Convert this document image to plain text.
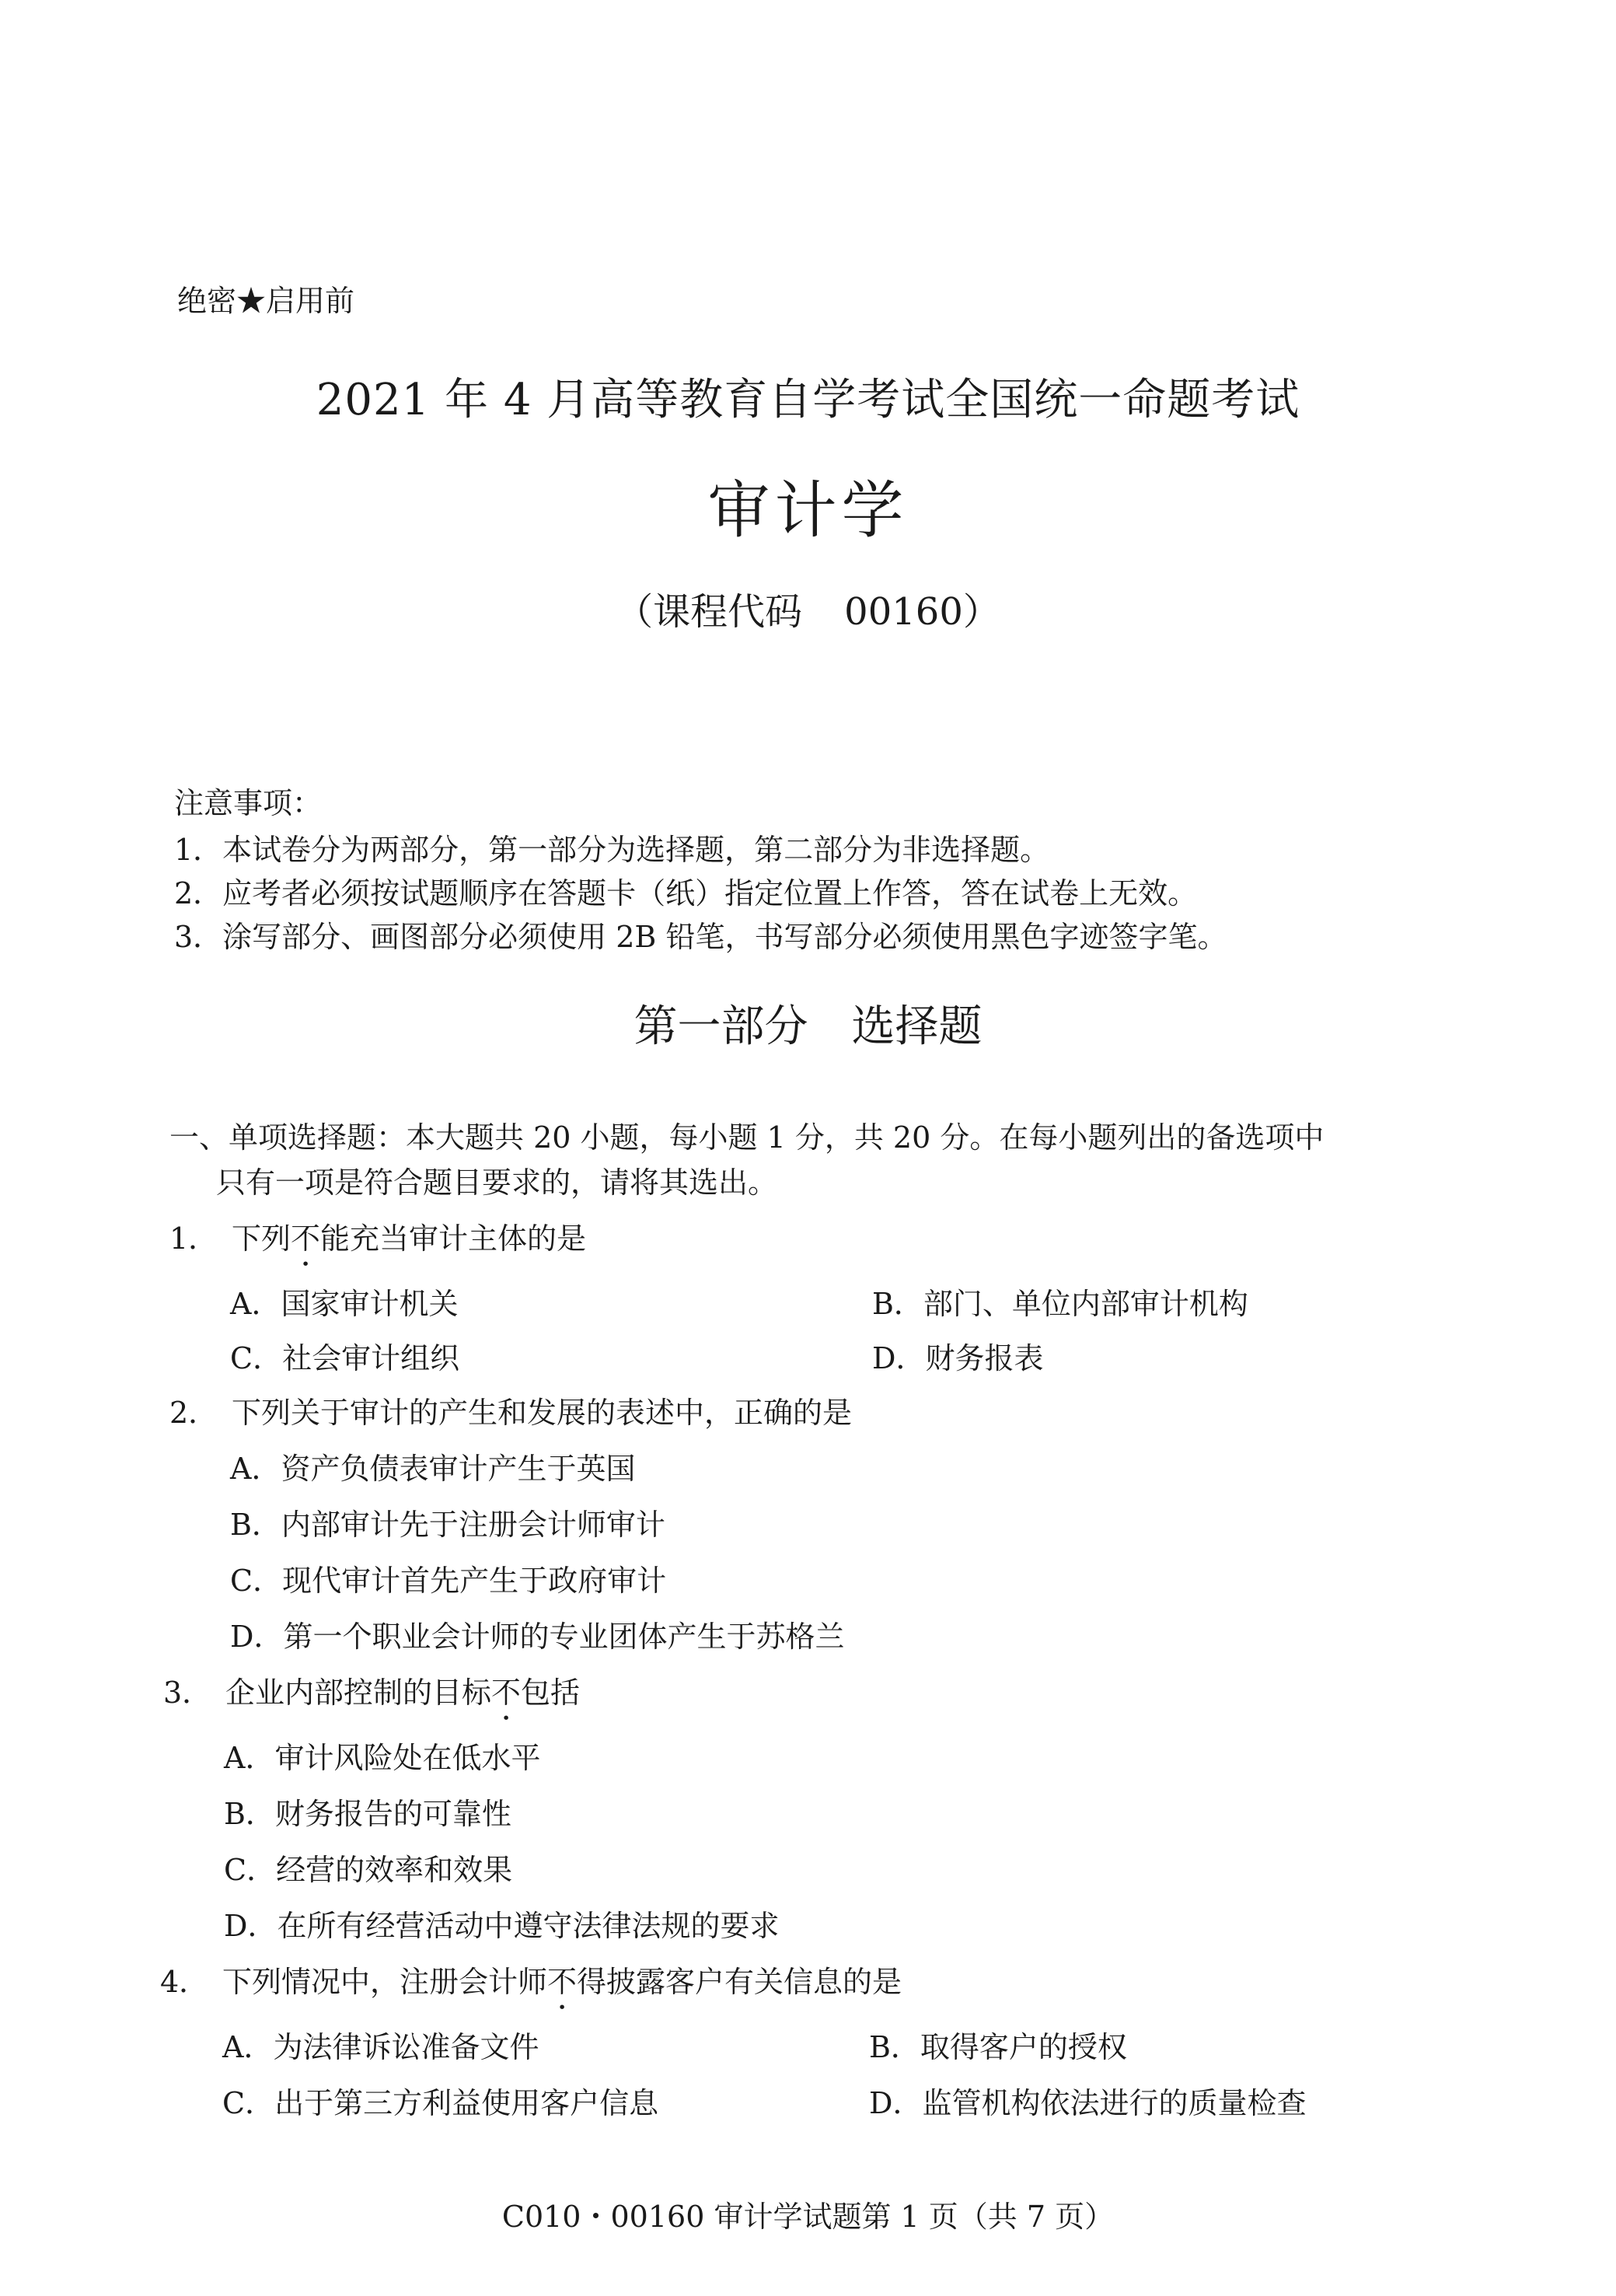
绝密★启用前
2021 年 4 月高等教育自学考试全国统一命题考试
审计学
（课程代码 00160）
注意事项：
1．本试卷分为两部分，第一部分为选择题，第二部分为非选择题。
2．应考者必须按试题顺序在答题卡（纸）指定位置上作答，答在试卷上无效。
3．涂写部分、画图部分必须使用 2B 铅笔，书写部分必须使用黑色字迹签字笔。
第一部分 选择题
一、单项选择题：本大题共 20 小题，每小题 1 分，共 20 分。在每小题列出的备选项中
只有一项是符合题目要求的，请将其选出。
1． 下列不能充当审计主体的是
A．国家审计机关	B．部门、单位内部审计机构
C．社会审计组织	D．财务报表
2． 下列关于审计的产生和发展的表述中，正确的是
A．资产负债表审计产生于英国
B．内部审计先于注册会计师审计
C．现代审计首先产生于政府审计
D．第一个职业会计师的专业团体产生于苏格兰
3． 企业内部控制的目标不包括
A．审计风险处在低水平
B．财务报告的可靠性
C．经营的效率和效果
D．在所有经营活动中遵守法律法规的要求
4． 下列情况中，注册会计师不得披露客户有关信息的是
A．为法律诉讼准备文件	B．取得客户的授权
C．出于第三方利益使用客户信息	D．监管机构依法进行的质量检查
C010・00160 审计学试题第 1 页（共 7 页）
